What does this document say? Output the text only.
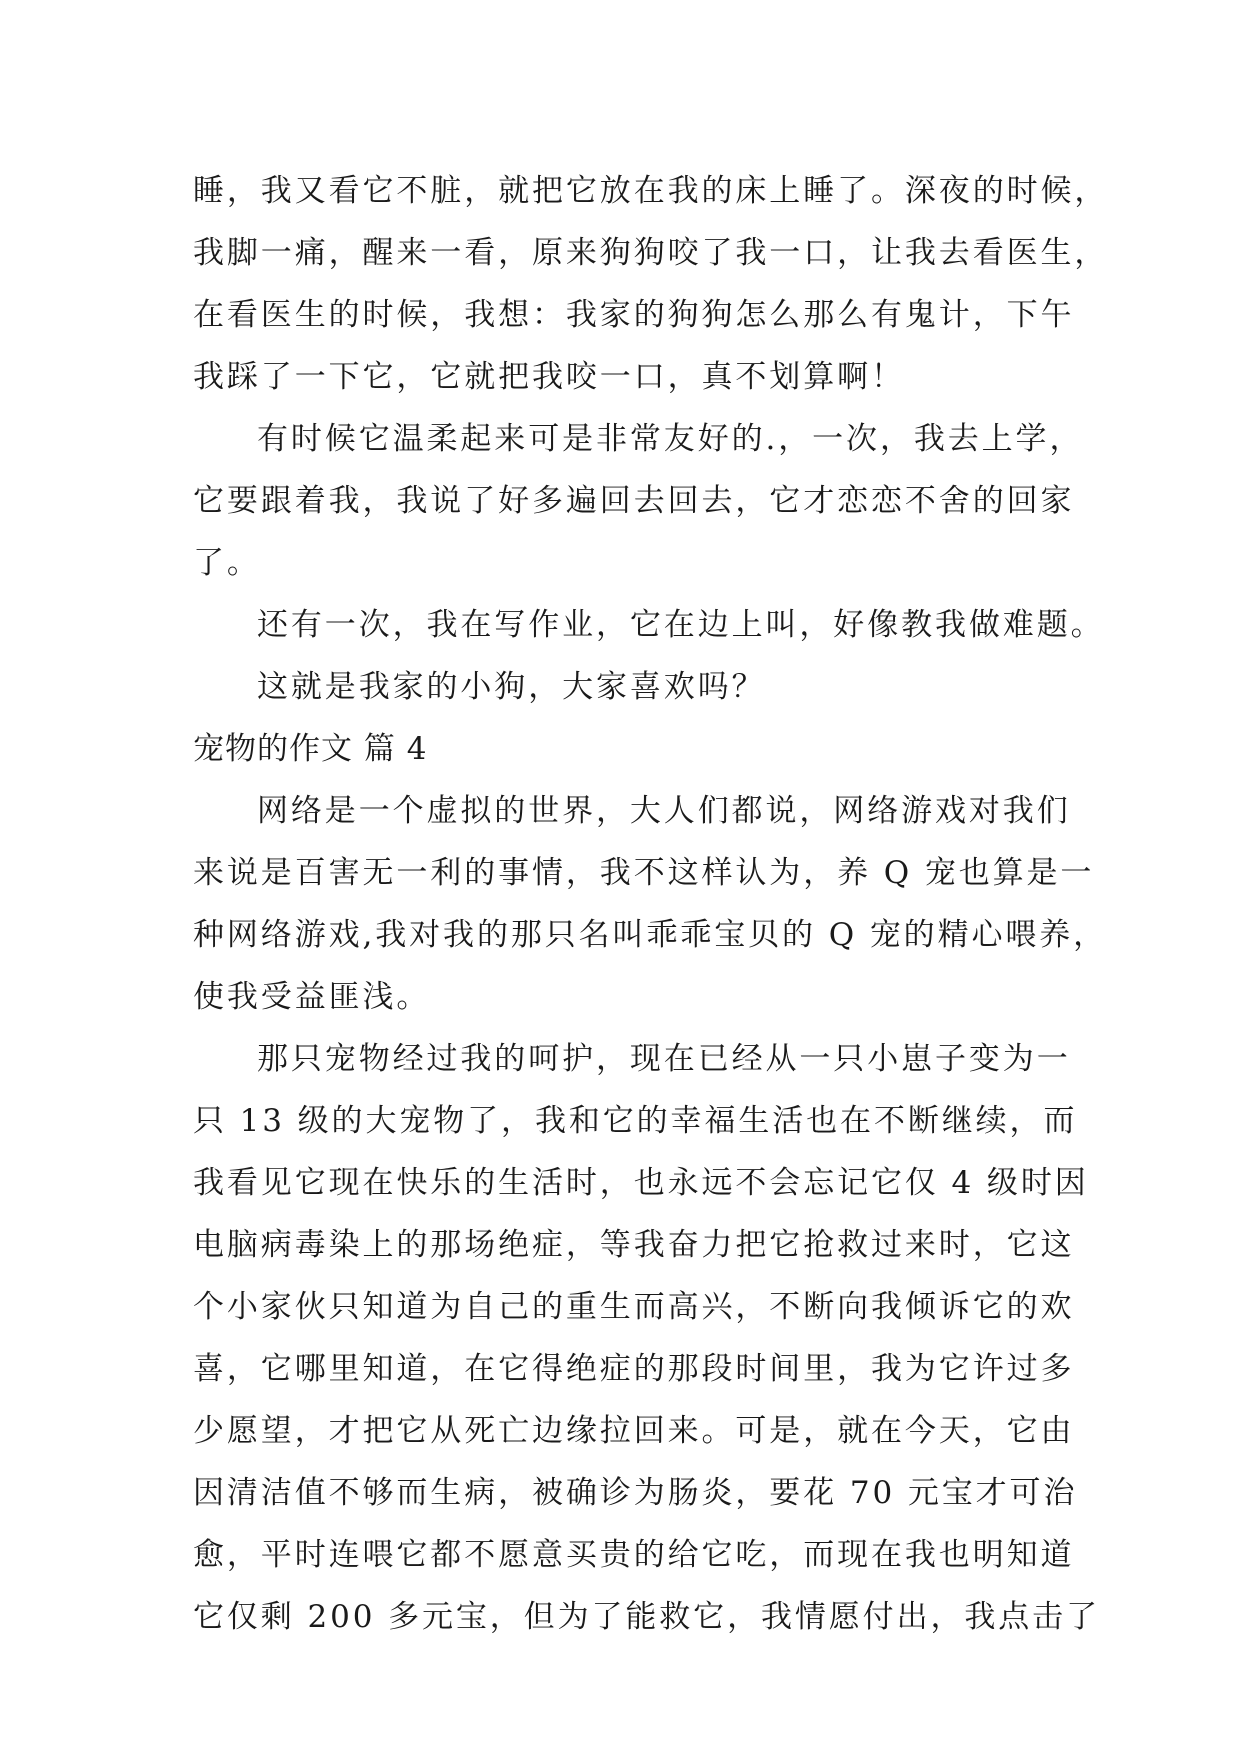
睡，我又看它不脏，就把它放在我的床上睡了。深夜的时候，
我脚一痛，醒来一看，原来狗狗咬了我一口，让我去看医生，
在看医生的时候，我想：我家的狗狗怎么那么有鬼计，下午
我踩了一下它，它就把我咬一口，真不划算啊！
有时候它温柔起来可是非常友好的.，一次，我去上学，
它要跟着我，我说了好多遍回去回去，它才恋恋不舍的回家
了。
还有一次，我在写作业，它在边上叫，好像教我做难题。
这就是我家的小狗，大家喜欢吗？
宠物的作文 篇 4
网络是一个虚拟的世界，大人们都说，网络游戏对我们
来说是百害无一利的事情，我不这样认为，养 Q 宠也算是一
种网络游戏,我对我的那只名叫乖乖宝贝的 Q 宠的精心喂养，
使我受益匪浅。
那只宠物经过我的呵护，现在已经从一只小崽子变为一
只 13 级的大宠物了，我和它的幸福生活也在不断继续，而
我看见它现在快乐的生活时，也永远不会忘记它仅 4 级时因
电脑病毒染上的那场绝症，等我奋力把它抢救过来时，它这
个小家伙只知道为自己的重生而高兴，不断向我倾诉它的欢
喜，它哪里知道，在它得绝症的那段时间里，我为它许过多
少愿望，才把它从死亡边缘拉回来。可是，就在今天，它由
因清洁值不够而生病，被确诊为肠炎，要花 70 元宝才可治
愈，平时连喂它都不愿意买贵的给它吃，而现在我也明知道
它仅剩 200 多元宝，但为了能救它，我情愿付出，我点击了
